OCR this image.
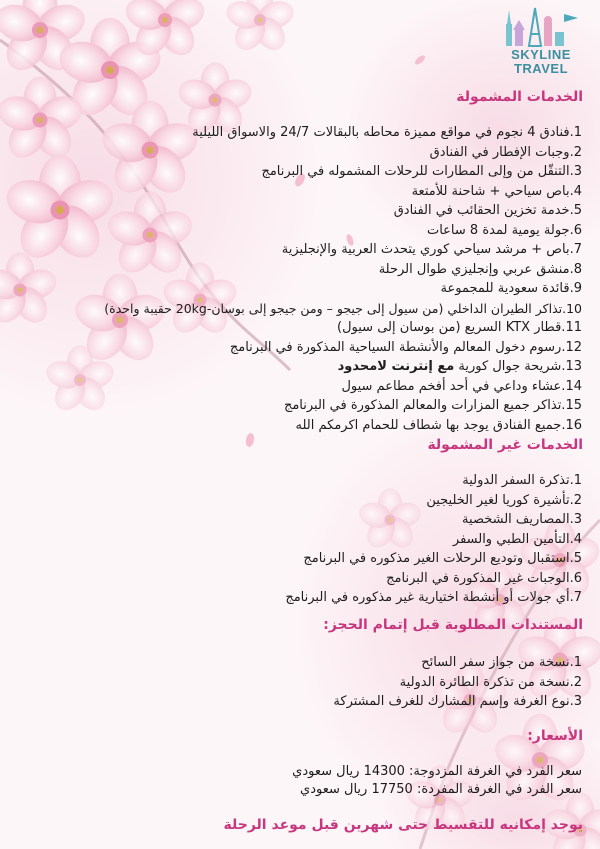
SKYLINE
TRAVEL
الخدمات المشمولة
1.فنادق 4 نجوم في مواقع مميزة محاطه بالبقالات 24/7 والاسواق الليلية
2.وجبات الإفطار في الفنادق
3.التنقّل من وإلى المطارات للرحلات المشموله في البرنامج
4.باص سياحي + شاحنة للأمتعة
5.خدمة تخزين الحقائب في الفنادق
6.جولة يومية لمدة 8 ساعات
7.باص + مرشد سياحي كوري يتحدث العربية والإنجليزية
8.منشق عربي وإنجليزي طوال الرحلة
9.قائدة سعودية للمجموعة
10.تذاكر الطيران الداخلي (من سيول إلى جيجو – ومن جيجو إلى بوسان-20kg حقيبة واحدة)
11.قطار KTX السريع (من بوسان إلى سيول)
12.رسوم دخول المعالم والأنشطة السياحية المذكورة في البرنامج
13.شريحة جوال كورية مع إنترنت لامحدود
14.عشاء وداعي في أحد أفخم مطاعم سيول
15.تذاكر جميع المزارات والمعالم المذكورة في البرنامج
16.جميع الفنادق يوجد بها شطاف للحمام اكرمكم الله
الخدمات غير المشمولة
1.تذكرة السفر الدولية
2.تأشيرة كوريا لغير الخليجين
3.المصاريف الشخصية
4.التأمين الطبي والسفر
5.استقبال وتوديع الرحلات الغير مذكوره في البرنامج
6.الوجبات غير المذكورة في البرنامج
7.أي جولات أو أنشطة اختيارية غير مذكوره في البرنامج
المستندات المطلوبة قبل إتمام الحجز:
1.نسخة من جواز سفر السائح
2.نسخة من تذكرة الطائرة الدولية
3.نوع الغرفة وإسم المشارك للغرف المشتركة
الأسعار:
سعر الفرد في الغرفة المزدوجة: 14300 ريال سعودي
سعر الفرد في الغرفة المفردة: 17750 ريال سعودي
يوجد إمكانيه للتقسيط حتى شهرين قبل موعد الرحلة
